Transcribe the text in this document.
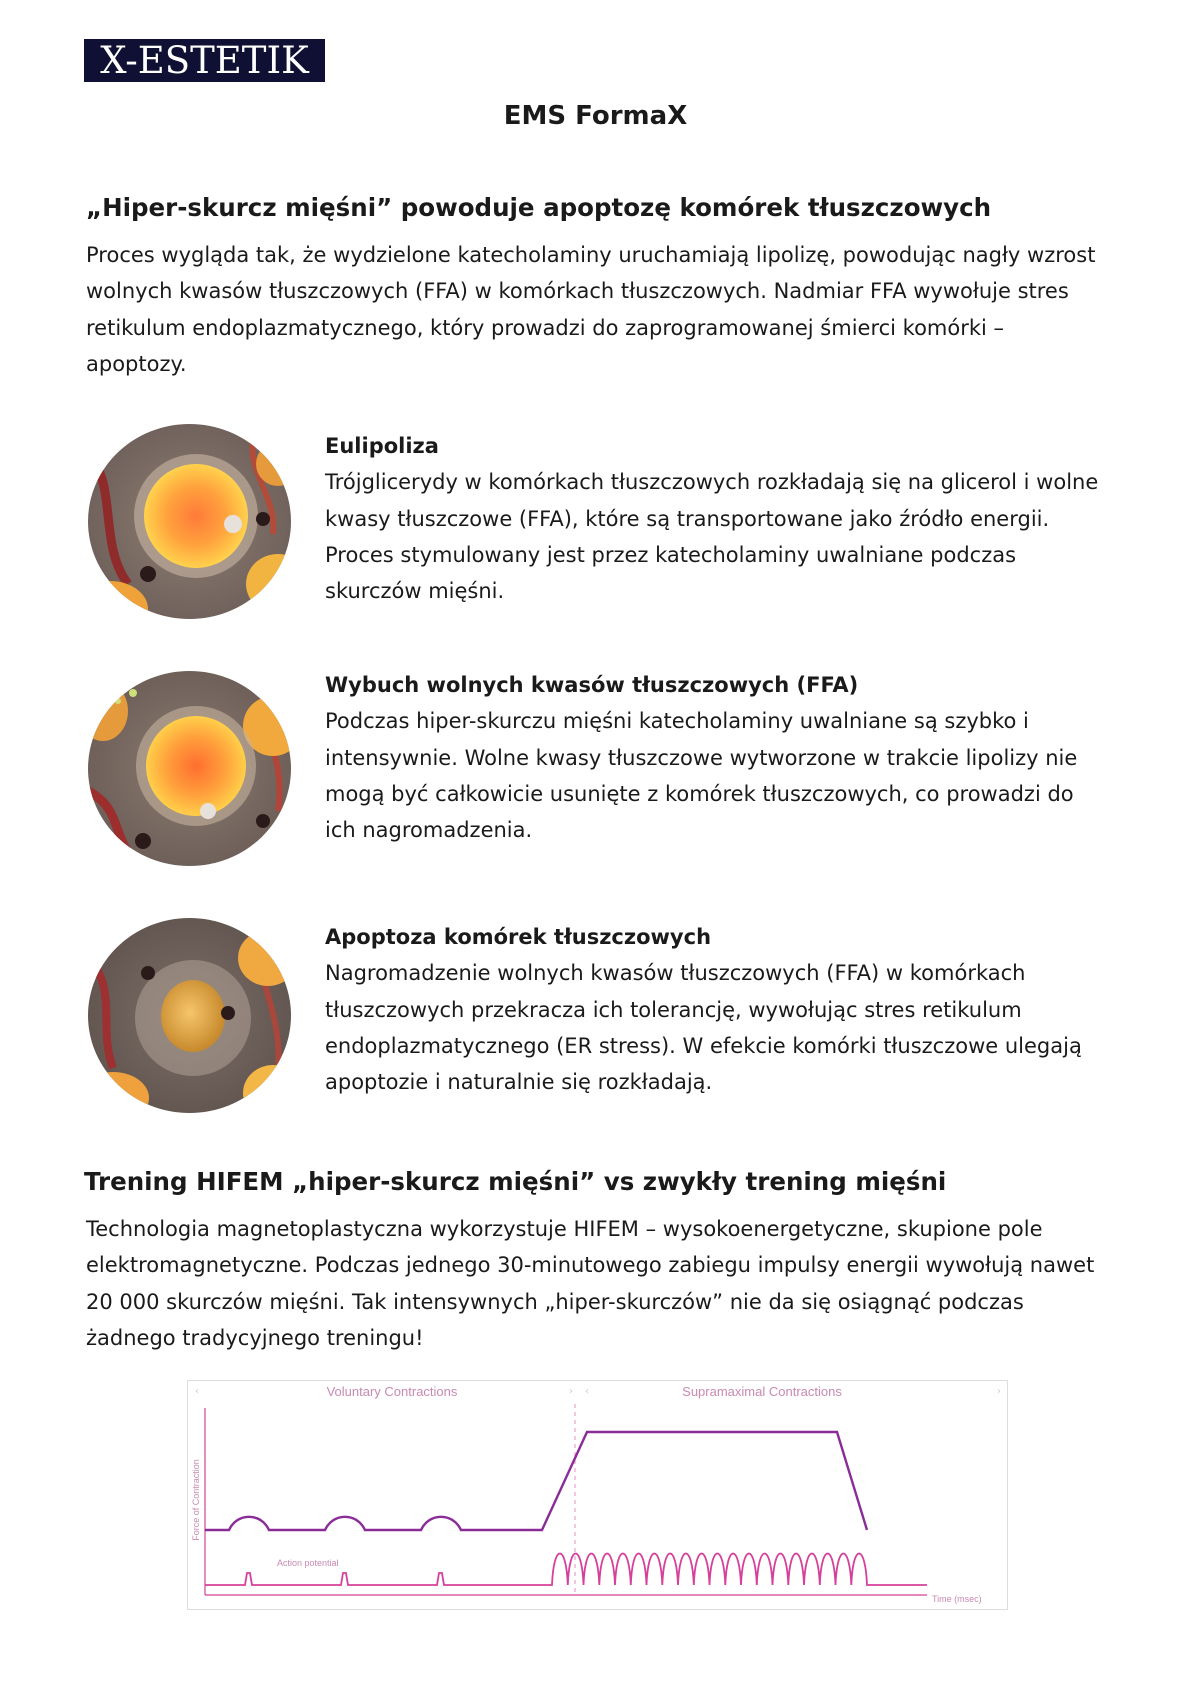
X-ESTETIK
EMS FormaX
„Hiper-skurcz mięśni” powoduje apoptozę komórek tłuszczowych

Proces wygląda tak, że wydzielone katecholaminy uruchamiają lipolizę, powodując nagły wzrost

wolnych kwasów tłuszczowych (FFA) w komórkach tłuszczowych. Nadmiar FFA wywołuje stres

retikulum endoplazmatycznego, który prowadzi do zaprogramowanej śmierci komórki –

apoptozy.

Eulipoliza

Trójglicerydy w komórkach tłuszczowych rozkładają się na glicerol i wolne

kwasy tłuszczowe (FFA), które są transportowane jako źródło energii.

Proces stymulowany jest przez katecholaminy uwalniane podczas

skurczów mięśni.

Wybuch wolnych kwasów tłuszczowych (FFA)

Podczas hiper-skurczu mięśni katecholaminy uwalniane są szybko i

intensywnie. Wolne kwasy tłuszczowe wytworzone w trakcie lipolizy nie

mogą być całkowicie usunięte z komórek tłuszczowych, co prowadzi do

ich nagromadzenia.

Apoptoza komórek tłuszczowych

Nagromadzenie wolnych kwasów tłuszczowych (FFA) w komórkach

tłuszczowych przekracza ich tolerancję, wywołując stres retikulum

endoplazmatycznego (ER stress). W efekcie komórki tłuszczowe ulegają

apoptozie i naturalnie się rozkładają.

Trening HIFEM „hiper-skurcz mięśni” vs zwykły trening mięśni

Technologia magnetoplastyczna wykorzystuje HIFEM – wysokoenergetyczne, skupione pole

elektromagnetyczne. Podczas jednego 30-minutowego zabiegu impulsy energii wywołują nawet

20 000 skurczów mięśni. Tak intensywnych „hiper-skurczów” nie da się osiągnąć podczas

żadnego tradycyjnego treningu!

‹	› ‹	›
Voluntary Contractions	Supramaximal Contractions
Force of Contraction
Time (msec)
Action potential
